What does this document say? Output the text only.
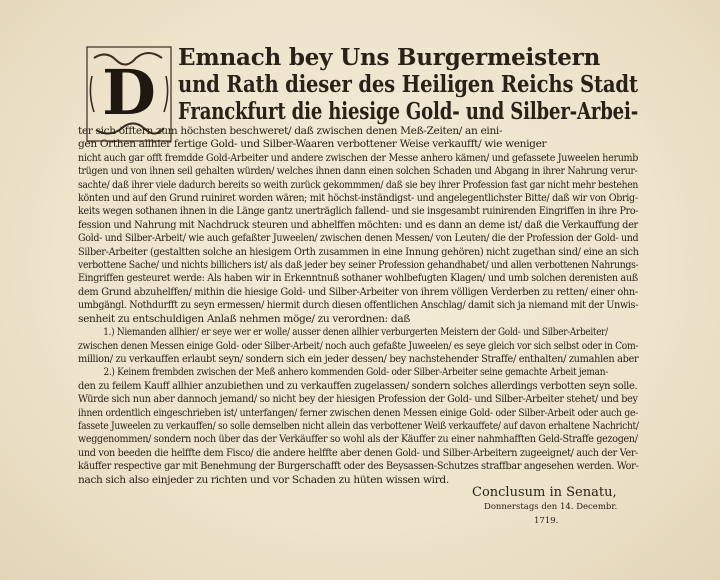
D Emnach bey Uns Burgermeistern
und Rath dieser des Heiligen Reichs Stadt
Franckfurt die hiesige Gold- und Silber-Arbei-
ter sich öfftern zum höchsten beschweret/ daß zwischen denen Meß-Zeiten/ an eini-
gen Orthen allhier fertige Gold- und Silber-Waaren verbottener Weise verkaufft/ wie weniger
nicht auch gar offt fremdde Gold-Arbeiter und andere zwischen der Messe anhero kämen/ und gefassete Juweelen herumb
trügen und von ihnen seil gehalten würden/ welches ihnen dann einen solchen Schaden und Abgang in ihrer Nahrung verur-
sachte/ daß ihrer viele dadurch bereits so weith zurück gekommmen/ daß sie bey ihrer Profession fast gar nicht mehr bestehen
könten und auf den Grund ruiniret worden wären; mit höchst-inständigst- und angelegentlichster Bitte/ daß wir von Obrig-
keits wegen sothanen ihnen in die Länge gantz unerträglich fallend- und sie insgesambt ruinirenden Eingriffen in ihre Pro-
fession und Nahrung mit Nachdruck steuren und abhelffen möchten: und es dann an deme ist/ daß die Verkauffung der
Gold- und Silber-Arbeit/ wie auch gefaßter Juweelen/ zwischen denen Messen/ von Leuten/ die der Profession der Gold- und
Silber-Arbeiter (gestaltten solche an hiesigem Orth zusammen in eine Innung gehören) nicht zugethan sind/ eine an sich
verbottene Sache/ und nichts billichers ist/ als daß jeder bey seiner Profession gehandhabet/ und allen verbottenen Nahrungs-
Eingriffen gesteuret werde: Als haben wir in Erkenntnuß sothaner wohlbefugten Klagen/ und umb solchen derenisten auß
dem Grund abzuhelffen/ mithin die hiesige Gold- und Silber-Arbeiter von ihrem völligen Verderben zu retten/ einer ohn-
umbgängl. Nothdurfft zu seyn ermessen/ hiermit durch diesen offentlichen Anschlag/ damit sich ja niemand mit der Unwis-
senheit zu entschuldigen Anlaß nehmen möge/ zu verordnen: daß
1.) Niemanden allhier/ er seye wer er wolle/ ausser denen allhier verburgerten Meistern der Gold- und Silber-Arbeiter/
zwischen denen Messen einige Gold- oder Silber-Arbeit/ noch auch gefaßte Juweelen/ es seye gleich vor sich selbst oder in Com-
million/ zu verkauffen erlaubt seyn/ sondern sich ein jeder dessen/ bey nachstehender Straffe/ enthalten/ zumahlen aber
2.) Keinem frembden zwischen der Meß anhero kommenden Gold- oder Silber-Arbeiter seine gemachte Arbeit jeman-
den zu feilem Kauff allhier anzubiethen und zu verkauffen zugelassen/ sondern solches allerdings verbotten seyn solle.
Würde sich nun aber dannoch jemand/ so nicht bey der hiesigen Profession der Gold- und Silber-Arbeiter stehet/ und bey
ihnen ordentlich eingeschrieben ist/ unterfangen/ ferner zwischen denen Messen einige Gold- oder Silber-Arbeit oder auch ge-
fassete Juweelen zu verkauffen/ so solle demselben nicht allein das verbottener Weiß verkauffete/ auf davon erhaltene Nachricht/
weggenommen/ sondern noch über das der Verkäuffer so wohl als der Käuffer zu einer nahmhafften Geld-Straffe gezogen/
und von beeden die helffte dem Fisco/ die andere helffte aber denen Gold- und Silber-Arbeitern zugeeignet/ auch der Ver-
käuffer respective gar mit Benehmung der Burgerschafft oder des Beysassen-Schutzes straffbar angesehen werden. Wor-
nach sich also einjeder zu richten und vor Schaden zu hüten wissen wird.
Conclusum in Senatu,
Donnerstags den 14. Decembr.
1719.
